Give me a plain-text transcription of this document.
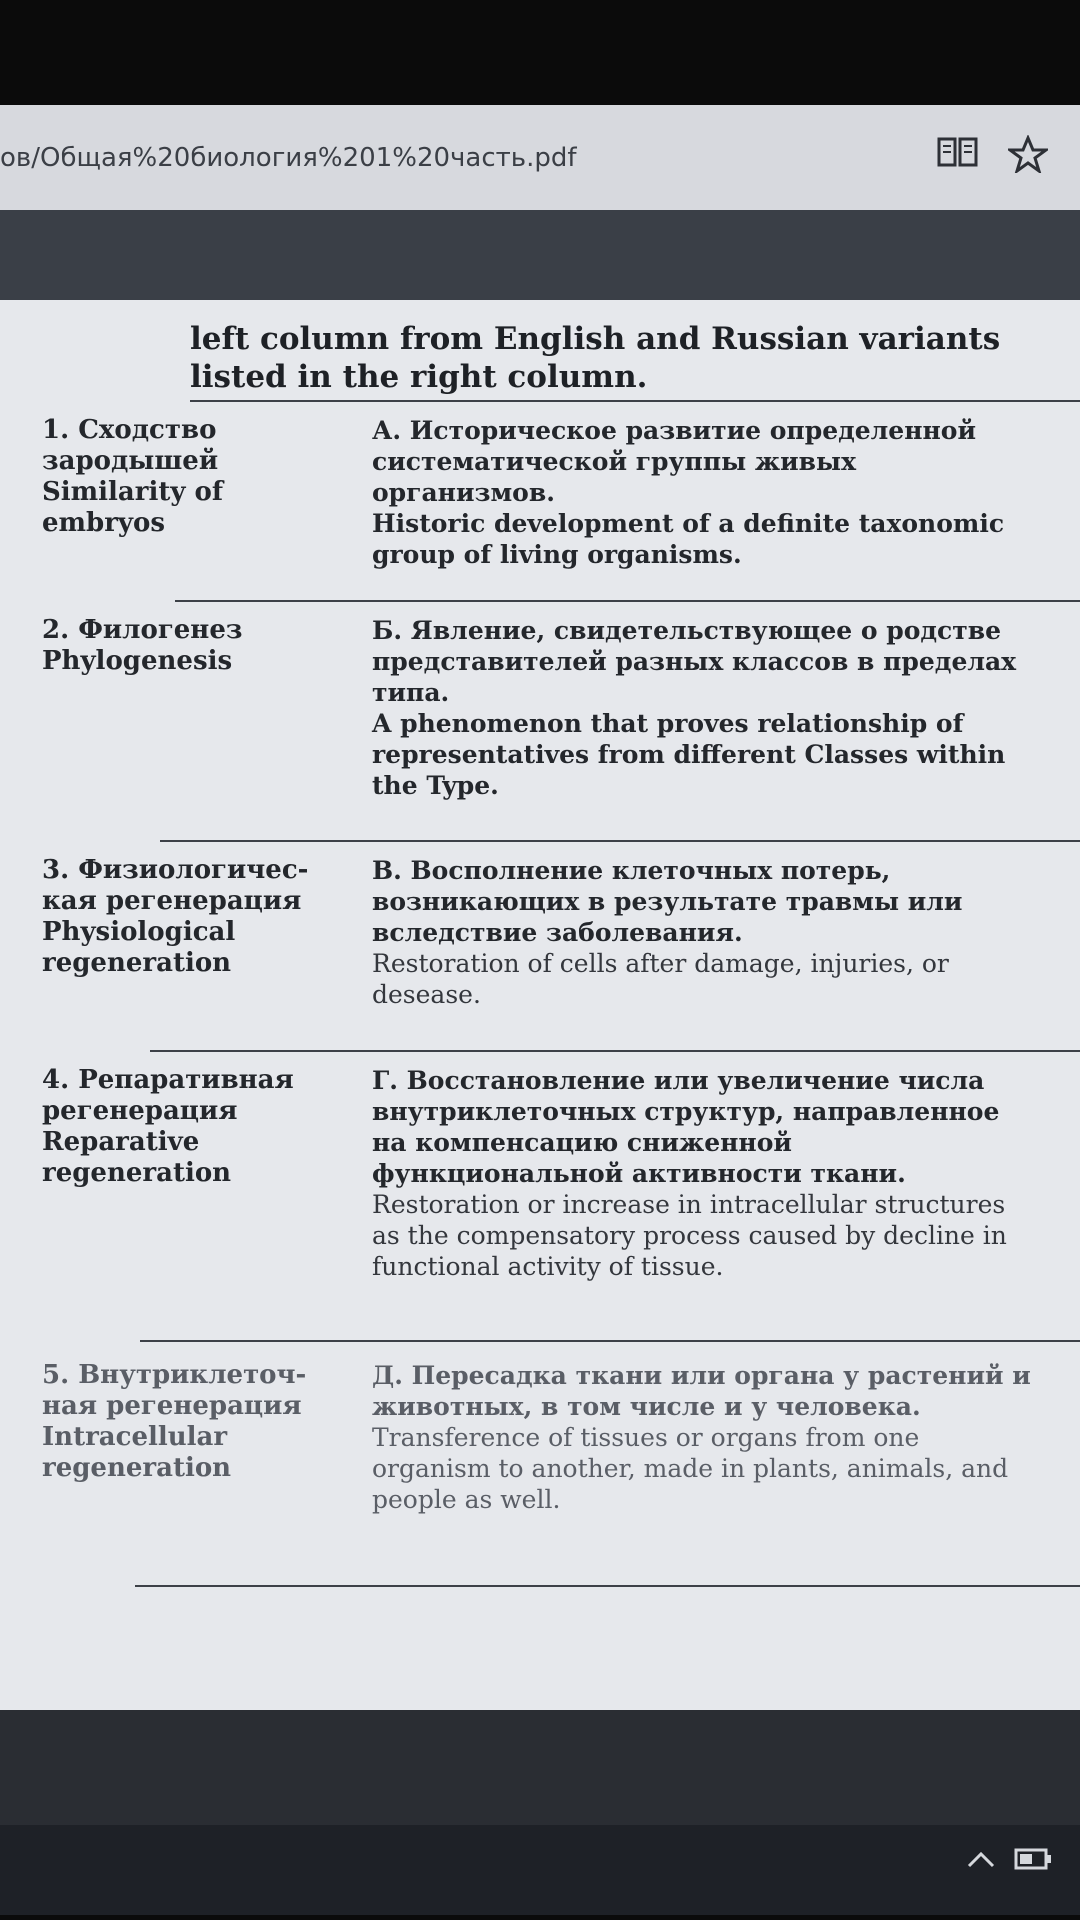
ов/Общая%20биология%201%20часть.pdf
left column from English and Russian variants
listed in the right column.
1. Сходство зародышей
Similarity of embryos
А. Историческое развитие определенной систематической группы живых организмов.
Historic development of a definite taxonomic group of living organisms.
2. Филогенез
Phylogenesis
Б. Явление, свидетельствующее о родстве представителей разных классов в пределах типа.
A phenomenon that proves relationship of representatives from different Classes within the Type.
3. Физиологичес-кая регенерация
Physiological regeneration
В. Восполнение клеточных потерь, возникающих в результате травмы или вследствие заболевания.
Restoration of cells after damage, injuries, or desease.
4. Репаративная регенерация
Reparative regeneration
Г. Восстановление или увеличение числа внутриклеточных структур, направленное на компенсацию сниженной функциональной активности ткани.
Restoration or increase in intracellular structures as the compensatory process caused by decline in functional activity of tissue.
5. Внутриклеточ-ная регенерация
Intracellular regeneration
Д. Пересадка ткани или органа у растений и животных, в том числе и у человека.
Transference of tissues or organs from one organism to another, made in plants, animals, and people as well.
